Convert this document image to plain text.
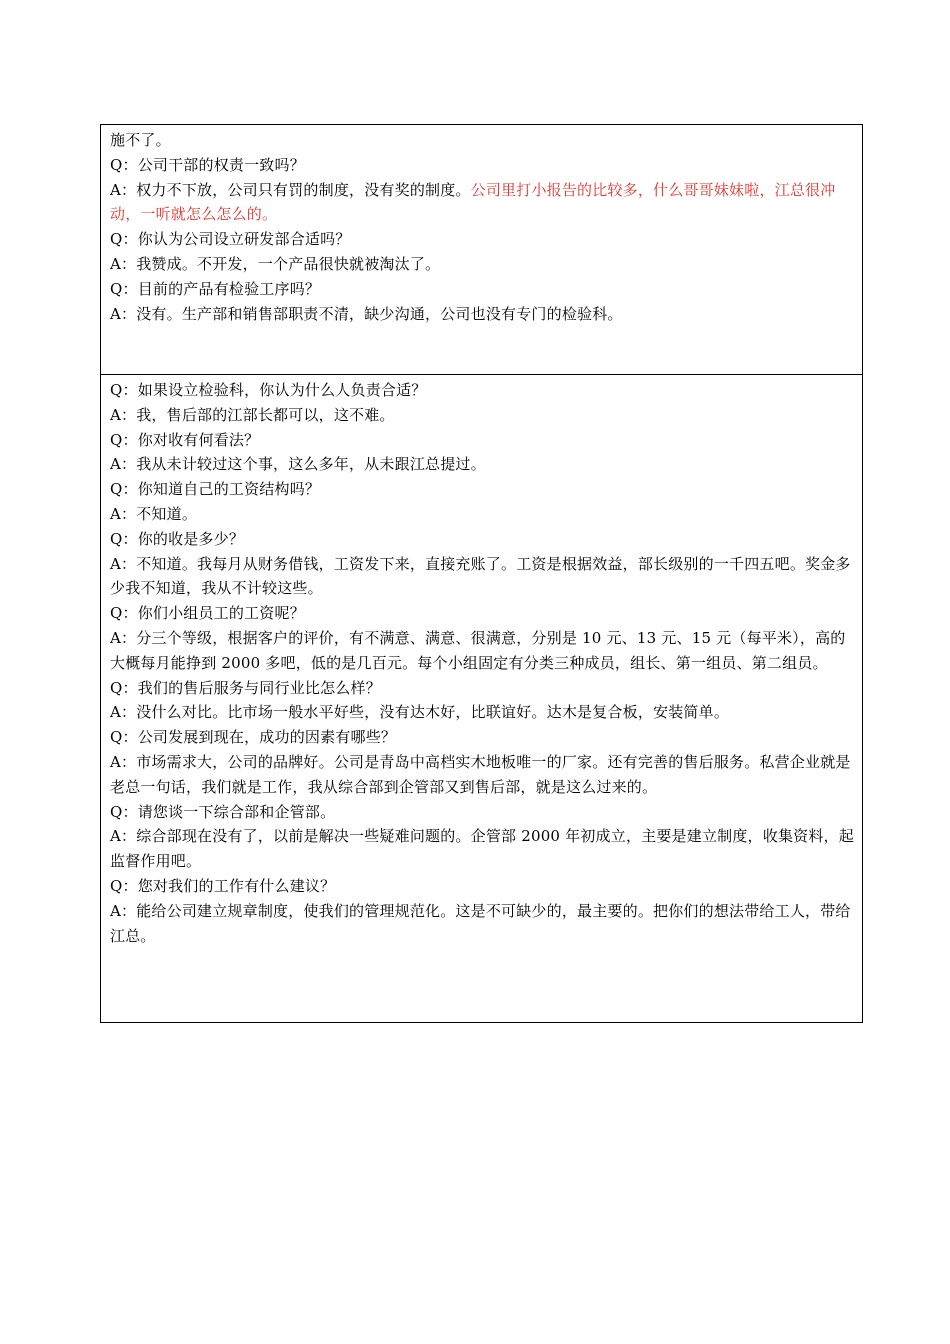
施不了。
Q：公司干部的权责一致吗？
A：权力不下放，公司只有罚的制度，没有奖的制度。公司里打小报告的比较多，什么哥哥妹妹啦，江总很冲动，一听就怎么怎么的。
Q：你认为公司设立研发部合适吗？
A：我赞成。不开发，一个产品很快就被淘汰了。
Q：目前的产品有检验工序吗？
A：没有。生产部和销售部职责不清，缺少沟通，公司也没有专门的检验科。
Q：如果设立检验科，你认为什么人负责合适？
A：我，售后部的江部长都可以，这不难。
Q：你对收有何看法？
A：我从未计较过这个事，这么多年，从未跟江总提过。
Q：你知道自己的工资结构吗？
A：不知道。
Q：你的收是多少？
A：不知道。我每月从财务借钱，工资发下来，直接充账了。工资是根据效益，部长级别的一千四五吧。奖金多少我不知道，我从不计较这些。
Q：你们小组员工的工资呢？
A：分三个等级，根据客户的评价，有不满意、满意、很满意，分别是 10 元、13 元、15 元（每平米），高的大概每月能挣到 2000 多吧，低的是几百元。每个小组固定有分类三种成员，组长、第一组员、第二组员。
Q：我们的售后服务与同行业比怎么样？
A：没什么对比。比市场一般水平好些，没有达木好，比联谊好。达木是复合板，安装简单。
Q：公司发展到现在，成功的因素有哪些？
A：市场需求大，公司的品牌好。公司是青岛中高档实木地板唯一的厂家。还有完善的售后服务。私营企业就是老总一句话，我们就是工作，我从综合部到企管部又到售后部，就是这么过来的。
Q：请您谈一下综合部和企管部。
A：综合部现在没有了，以前是解决一些疑难问题的。企管部 2000 年初成立，主要是建立制度，收集资料，起监督作用吧。
Q：您对我们的工作有什么建议？
A：能给公司建立规章制度，使我们的管理规范化。这是不可缺少的，最主要的。把你们的想法带给工人，带给江总。
